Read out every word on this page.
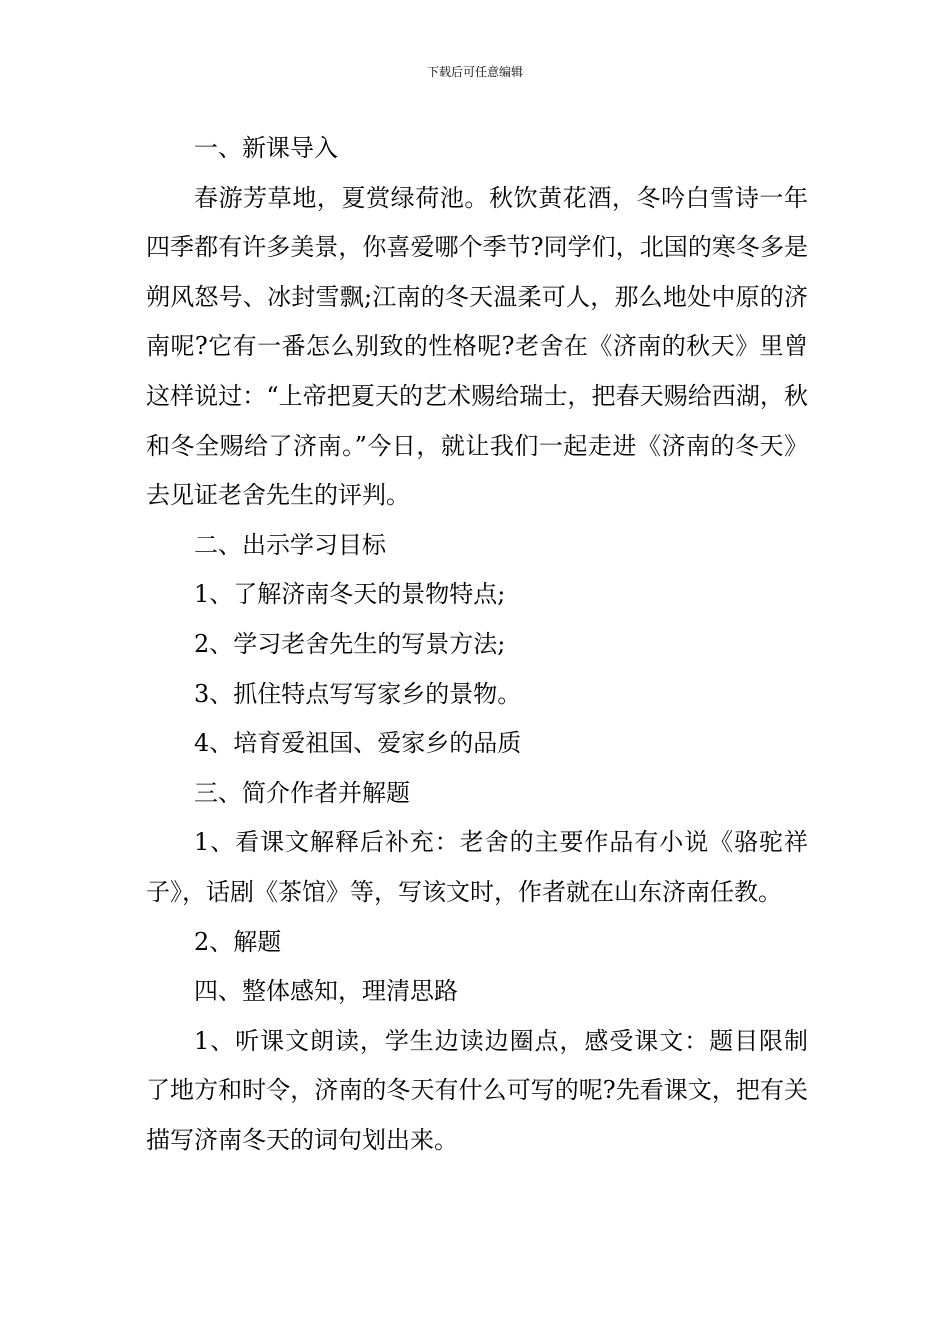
下载后可任意编辑

一、新课导入

春游芳草地，夏赏绿荷池。秋饮黄花酒，冬吟白雪诗一年四季都有许多美景，你喜爱哪个季节?同学们，北国的寒冬多是朔风怒号、冰封雪飘;江南的冬天温柔可人，那么地处中原的济南呢?它有一番怎么别致的性格呢?老舍在《济南的秋天》里曾这样说过：“上帝把夏天的艺术赐给瑞士，把春天赐给西湖，秋和冬全赐给了济南。”今日，就让我们一起走进《济南的冬天》去见证老舍先生的评判。

二、出示学习目标

1、了解济南冬天的景物特点;

2、学习老舍先生的写景方法;

3、抓住特点写写家乡的景物。

4、培育爱祖国、爱家乡的品质

三、简介作者并解题

1、看课文解释后补充：老舍的主要作品有小说《骆驼祥子》，话剧《茶馆》等，写该文时，作者就在山东济南任教。

2、解题

四、整体感知，理清思路

1、听课文朗读，学生边读边圈点，感受课文：题目限制了地方和时令，济南的冬天有什么可写的呢?先看课文，把有关描写济南冬天的词句划出来。
